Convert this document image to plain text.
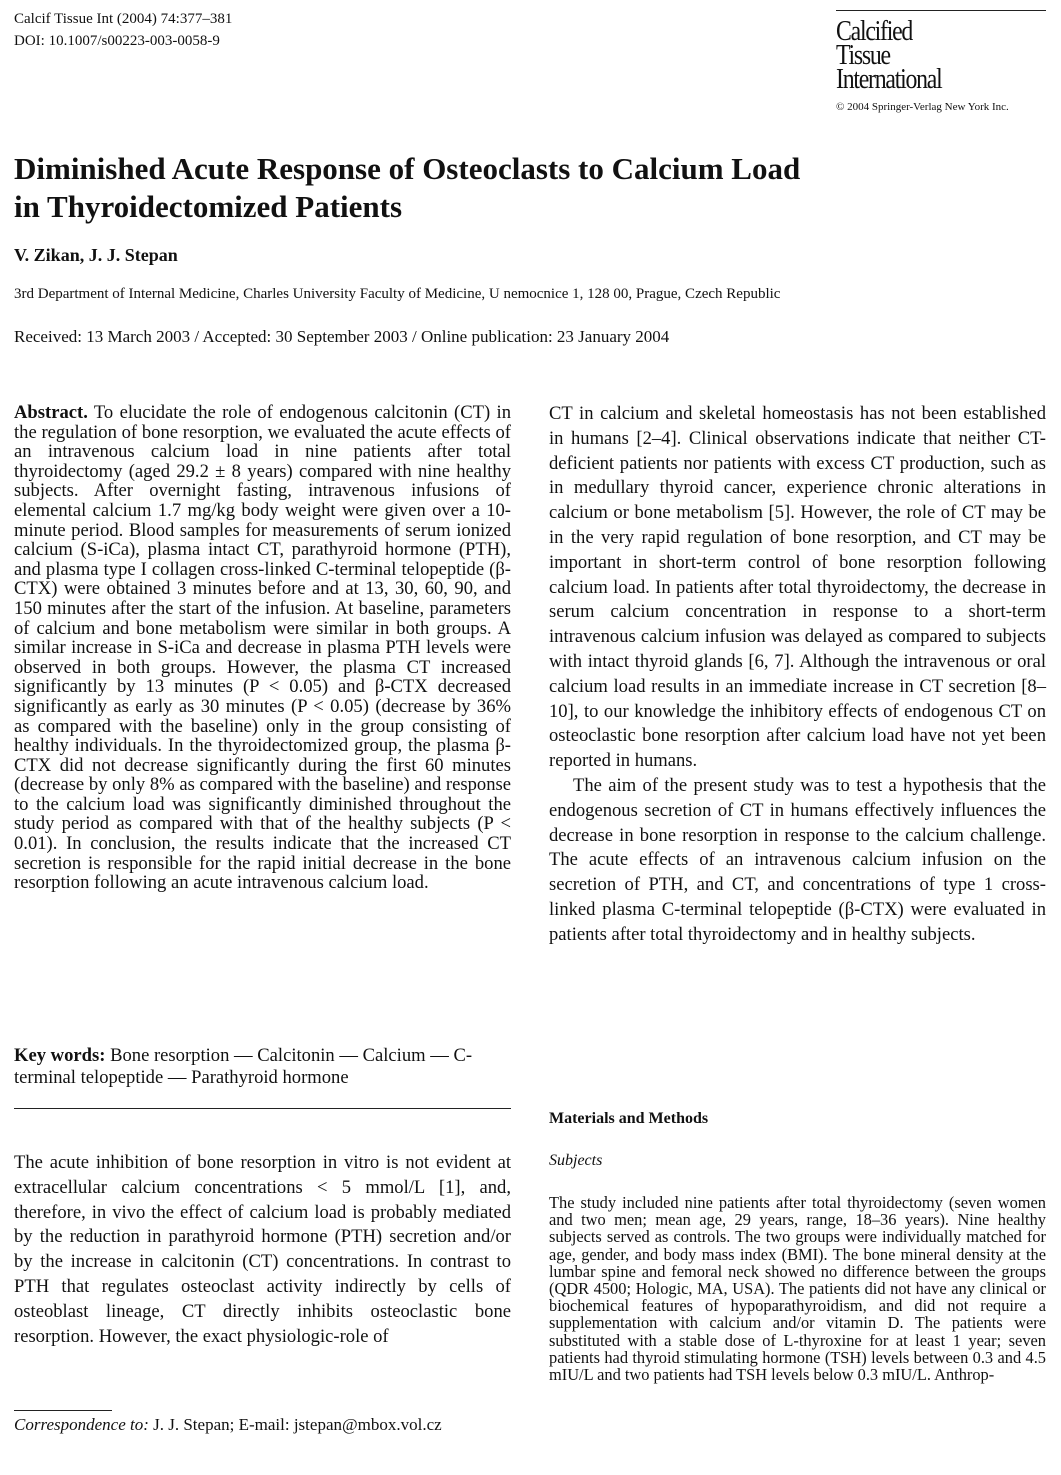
Calcif Tissue Int (2004) 74:377–381
DOI: 10.1007/s00223-003-0058-9	Calcified
Tissue
International
© 2004 Springer-Verlag New York Inc.
Diminished Acute Response of Osteoclasts to Calcium Load
in Thyroidectomized Patients
V. Zikan, J. J. Stepan
3rd Department of Internal Medicine, Charles University Faculty of Medicine, U nemocnice 1, 128 00, Prague, Czech Republic
Received: 13 March 2003 / Accepted: 30 September 2003 / Online publication: 23 January 2004
Abstract. To elucidate the role of endogenous calcitonin (CT) in the regulation of bone resorption, we evaluated the acute effects of an intravenous calcium load in nine patients after total thyroidectomy (aged 29.2 ± 8 years) compared with nine healthy subjects. After overnight fasting, intravenous infusions of elemental calcium 1.7 mg/kg body weight were given over a 10-minute period. Blood samples for measurements of serum ionized calcium (S-iCa), plasma intact CT, parathyroid hormone (PTH), and plasma type I collagen cross-linked C-terminal telopeptide (β-CTX) were obtained 3 minutes before and at 13, 30, 60, 90, and 150 minutes after the start of the infusion. At baseline, parameters of calcium and bone metabolism were similar in both groups. A similar increase in S-iCa and decrease in plasma PTH levels were observed in both groups. However, the plasma CT increased significantly by 13 minutes (P < 0.05) and β-CTX decreased significantly as early as 30 minutes (P < 0.05) (decrease by 36% as compared with the baseline) only in the group consisting of healthy individuals. In the thyroidectomized group, the plasma β-CTX did not decrease significantly during the first 60 minutes (decrease by only 8% as compared with the baseline) and response to the calcium load was significantly diminished throughout the study period as compared with that of the healthy subjects (P < 0.01). In conclusion, the results indicate that the increased CT secretion is responsible for the rapid initial decrease in the bone resorption following an acute intravenous calcium load.
Key words: Bone resorption — Calcitonin — Calcium — C-terminal telopeptide — Parathyroid hormone
The acute inhibition of bone resorption in vitro is not evident at extracellular calcium concentrations < 5 mmol/L [1], and, therefore, in vivo the effect of calcium load is probably mediated by the reduction in parathyroid hormone (PTH) secretion and/or by the increase in calcitonin (CT) concentrations. In contrast to PTH that regulates osteoclast activity indirectly by cells of osteoblast lineage, CT directly inhibits osteoclastic bone resorption. However, the exact physiologic-role of
Correspondence to: J. J. Stepan; E-mail: jstepan@mbox.vol.cz

CT in calcium and skeletal homeostasis has not been established in humans [2–4]. Clinical observations indicate that neither CT-deficient patients nor patients with excess CT production, such as in medullary thyroid cancer, experience chronic alterations in calcium or bone metabolism [5]. However, the role of CT may be in the very rapid regulation of bone resorption, and CT may be important in short-term control of bone resorption following calcium load. In patients after total thyroidectomy, the decrease in serum calcium concentration in response to a short-term intravenous calcium infusion was delayed as compared to subjects with intact thyroid glands [6, 7]. Although the intravenous or oral calcium load results in an immediate increase in CT secretion [8–10], to our knowledge the inhibitory effects of endogenous CT on osteoclastic bone resorption after calcium load have not yet been reported in humans.

The aim of the present study was to test a hypothesis that the endogenous secretion of CT in humans effectively influences the decrease in bone resorption in response to the calcium challenge. The acute effects of an intravenous calcium infusion on the secretion of PTH, and CT, and concentrations of type 1 cross-linked plasma C-terminal telopeptide (β-CTX) were evaluated in patients after total thyroidectomy and in healthy subjects.

Materials and Methods
Subjects
The study included nine patients after total thyroidectomy (seven women and two men; mean age, 29 years, range, 18–36 years). Nine healthy subjects served as controls. The two groups were individually matched for age, gender, and body mass index (BMI). The bone mineral density at the lumbar spine and femoral neck showed no difference between the groups (QDR 4500; Hologic, MA, USA). The patients did not have any clinical or biochemical features of hypoparathyroidism, and did not require a supplementation with calcium and/or vitamin D. The patients were substituted with a stable dose of L-thyroxine for at least 1 year; seven patients had thyroid stimulating hormone (TSH) levels between 0.3 and 4.5 mIU/L and two patients had TSH levels below 0.3 mIU/L. Anthrop-
